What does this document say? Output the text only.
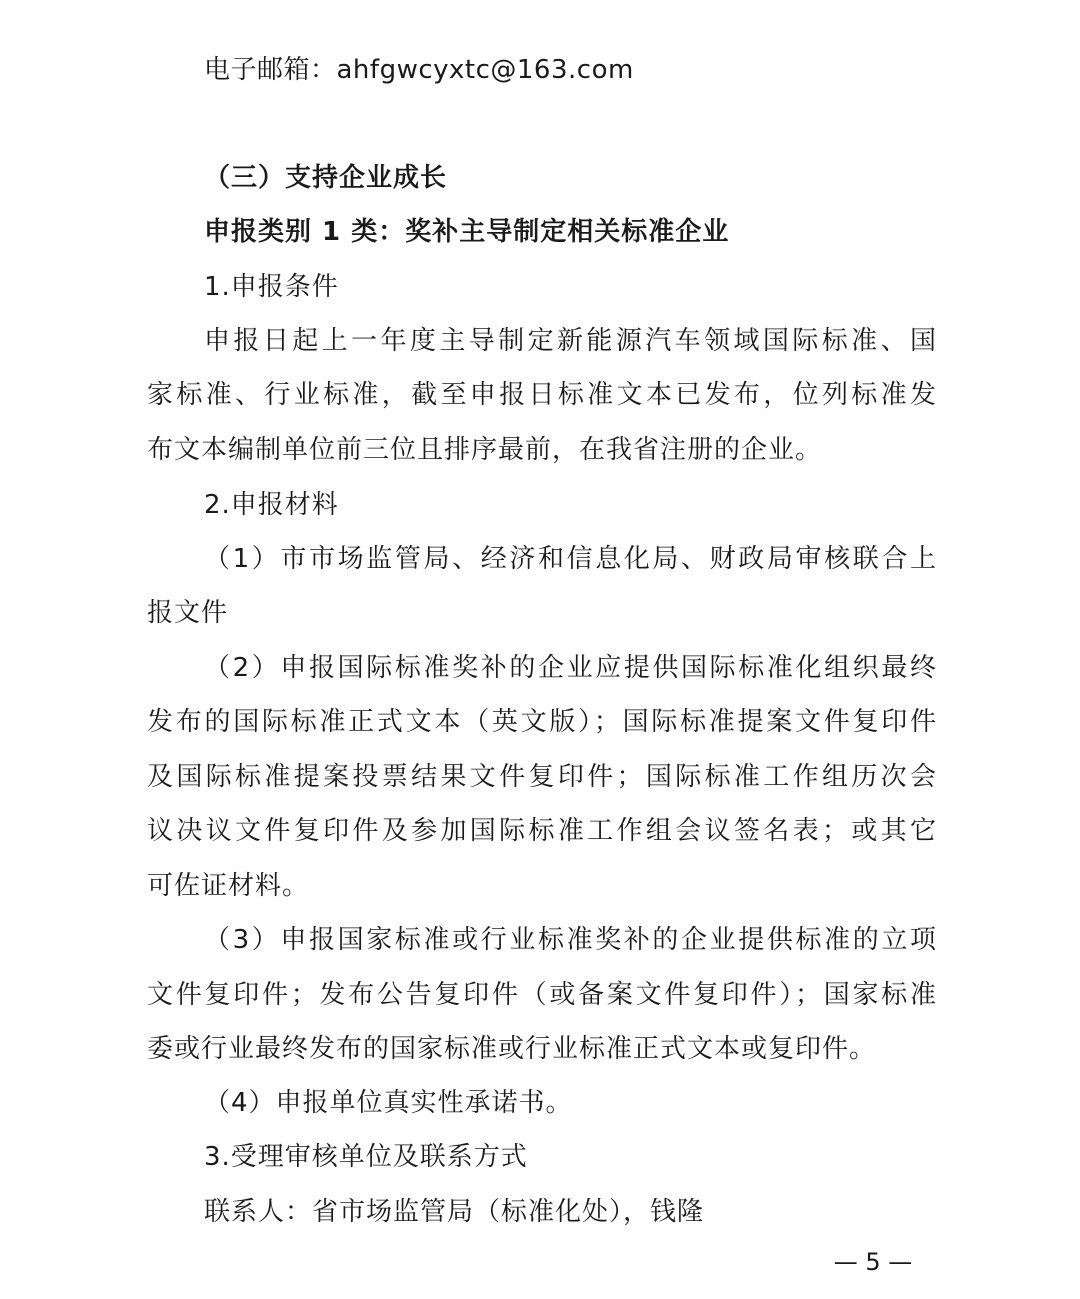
电子邮箱：ahfgwcyxtc@163.com
（三）支持企业成长
申报类别 1 类：奖补主导制定相关标准企业
1.申报条件
申报日起上一年度主导制定新能源汽车领域国际标准、国
家标准、行业标准，截至申报日标准文本已发布，位列标准发
布文本编制单位前三位且排序最前，在我省注册的企业。
2.申报材料
（1）市市场监管局、经济和信息化局、财政局审核联合上
报文件
（2）申报国际标准奖补的企业应提供国际标准化组织最终
发布的国际标准正式文本（英文版）；国际标准提案文件复印件
及国际标准提案投票结果文件复印件；国际标准工作组历次会
议决议文件复印件及参加国际标准工作组会议签名表；或其它
可佐证材料。
（3）申报国家标准或行业标准奖补的企业提供标准的立项
文件复印件；发布公告复印件（或备案文件复印件）；国家标准
委或行业最终发布的国家标准或行业标准正式文本或复印件。
（4）申报单位真实性承诺书。
3.受理审核单位及联系方式
联系人：省市场监管局（标准化处），钱隆
— 5 —
